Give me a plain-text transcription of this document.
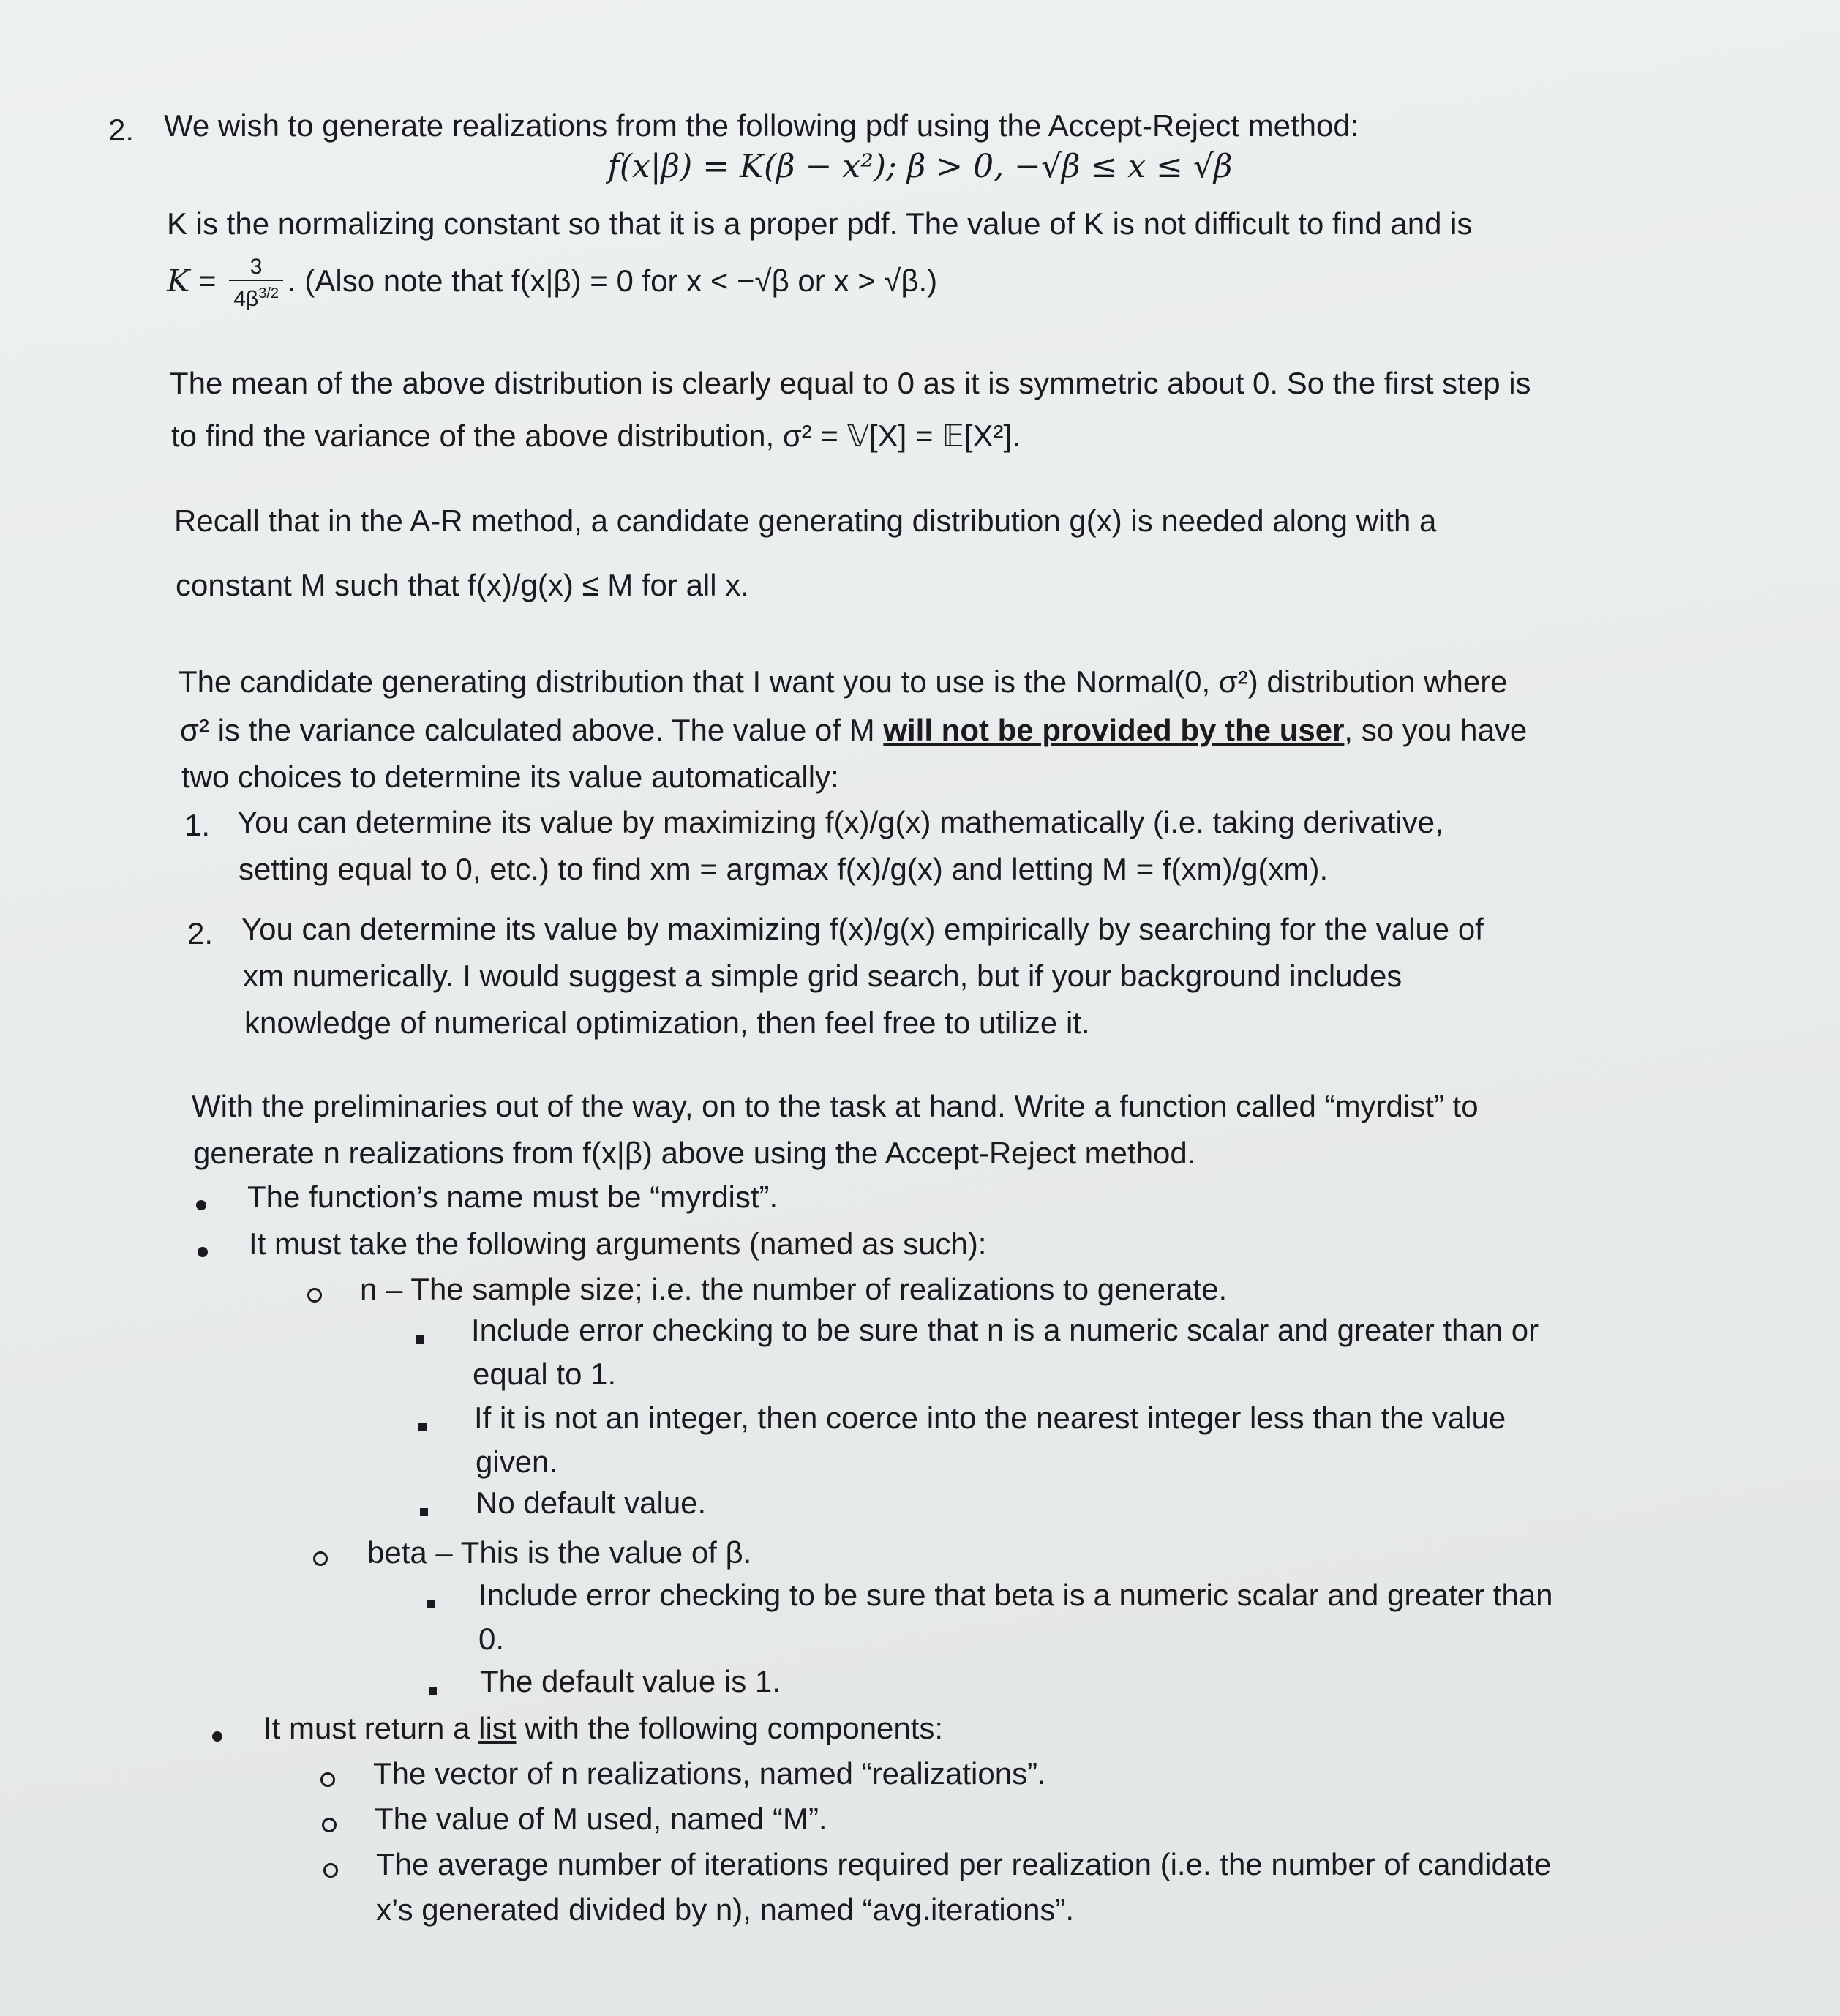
2. We wish to generate realizations from the following pdf using the Accept-Reject method:
f(x|β) = K(β − x²); β > 0, −√β ≤ x ≤ √β
K is the normalizing constant so that it is a proper pdf. The value of K is not difficult to find and is
$K = \frac{3}{4\beta^{3/2}}$ . (Also note that f(x|β) = 0 for x < −√β or x > √β.)
The mean of the above distribution is clearly equal to 0 as it is symmetric about 0. So the first step is
to find the variance of the above distribution, σ² = 𝕍[X] = 𝔼[X²].
Recall that in the A-R method, a candidate generating distribution g(x) is needed along with a
constant M such that f(x)/g(x) ≤ M for all x.
The candidate generating distribution that I want you to use is the Normal(0, σ²) distribution where
σ² is the variance calculated above. The value of M will not be provided by the user, so you have
two choices to determine its value automatically:
1. You can determine its value by maximizing f(x)/g(x) mathematically (i.e. taking derivative,
setting equal to 0, etc.) to find xm = argmax f(x)/g(x) and letting M = f(xm)/g(xm).
2. You can determine its value by maximizing f(x)/g(x) empirically by searching for the value of
xm numerically. I would suggest a simple grid search, but if your background includes
knowledge of numerical optimization, then feel free to utilize it.
With the preliminaries out of the way, on to the task at hand. Write a function called “myrdist” to
generate n realizations from f(x|β) above using the Accept-Reject method.
The function’s name must be “myrdist”.
It must take the following arguments (named as such):
n – The sample size; i.e. the number of realizations to generate.
Include error checking to be sure that n is a numeric scalar and greater than or
equal to 1.
If it is not an integer, then coerce into the nearest integer less than the value
given.
No default value.
beta – This is the value of β.
Include error checking to be sure that beta is a numeric scalar and greater than
0.
The default value is 1.
It must return a list with the following components:
The vector of n realizations, named “realizations”.
The value of M used, named “M”.
The average number of iterations required per realization (i.e. the number of candidate
x’s generated divided by n), named “avg.iterations”.
